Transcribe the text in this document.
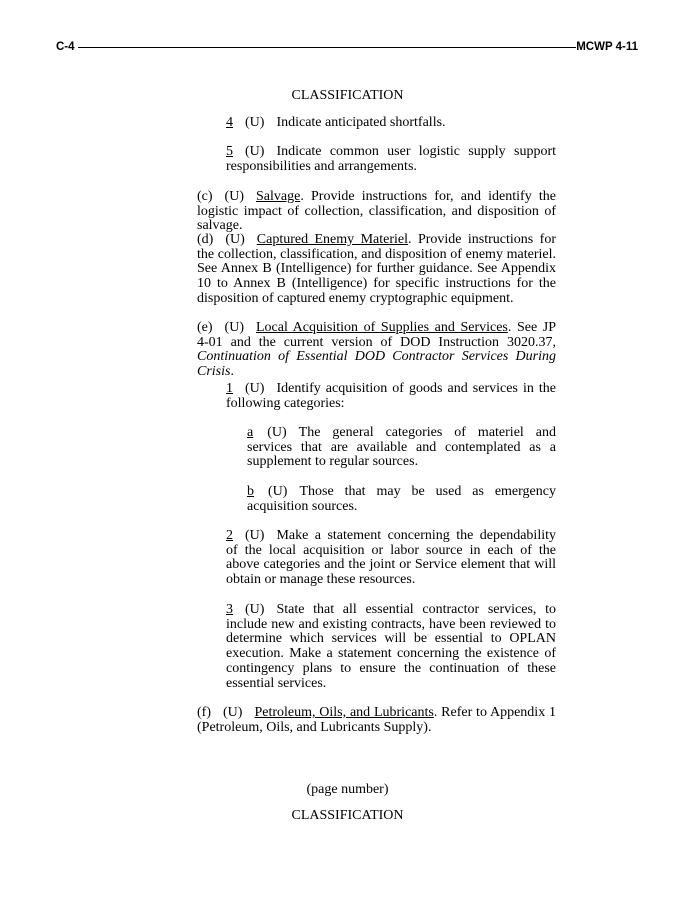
C-4	MCWP 4-11
CLASSIFICATION
4 (U) Indicate anticipated shortfalls.
5 (U) Indicate common user logistic supply support responsibilities and arrangements.
(c) (U) Salvage. Provide instructions for, and identify the logistic impact of collection, classification, and disposition of salvage.
(d) (U) Captured Enemy Materiel. Provide instructions for the collection, classification, and disposition of enemy materiel. See Annex B (Intelligence) for further guidance. See Appendix 10 to Annex B (Intelligence) for specific instructions for the disposition of captured enemy cryptographic equipment.
(e) (U) Local Acquisition of Supplies and Services. See JP 4-01 and the current version of DOD Instruction 3020.37, Continuation of Essential DOD Contractor Services During Crisis.
1 (U) Identify acquisition of goods and services in the following categories:
a (U) The general categories of materiel and services that are available and contemplated as a supplement to regular sources.
b (U) Those that may be used as emergency acquisition sources.
2 (U) Make a statement concerning the dependability of the local acquisition or labor source in each of the above categories and the joint or Service element that will obtain or manage these resources.
3 (U) State that all essential contractor services, to include new and existing contracts, have been reviewed to determine which services will be essential to OPLAN execution. Make a statement concerning the existence of contingency plans to ensure the continuation of these essential services.
(f) (U) Petroleum, Oils, and Lubricants. Refer to Appendix 1 (Petroleum, Oils, and Lubricants Supply).
(page number)
CLASSIFICATION
